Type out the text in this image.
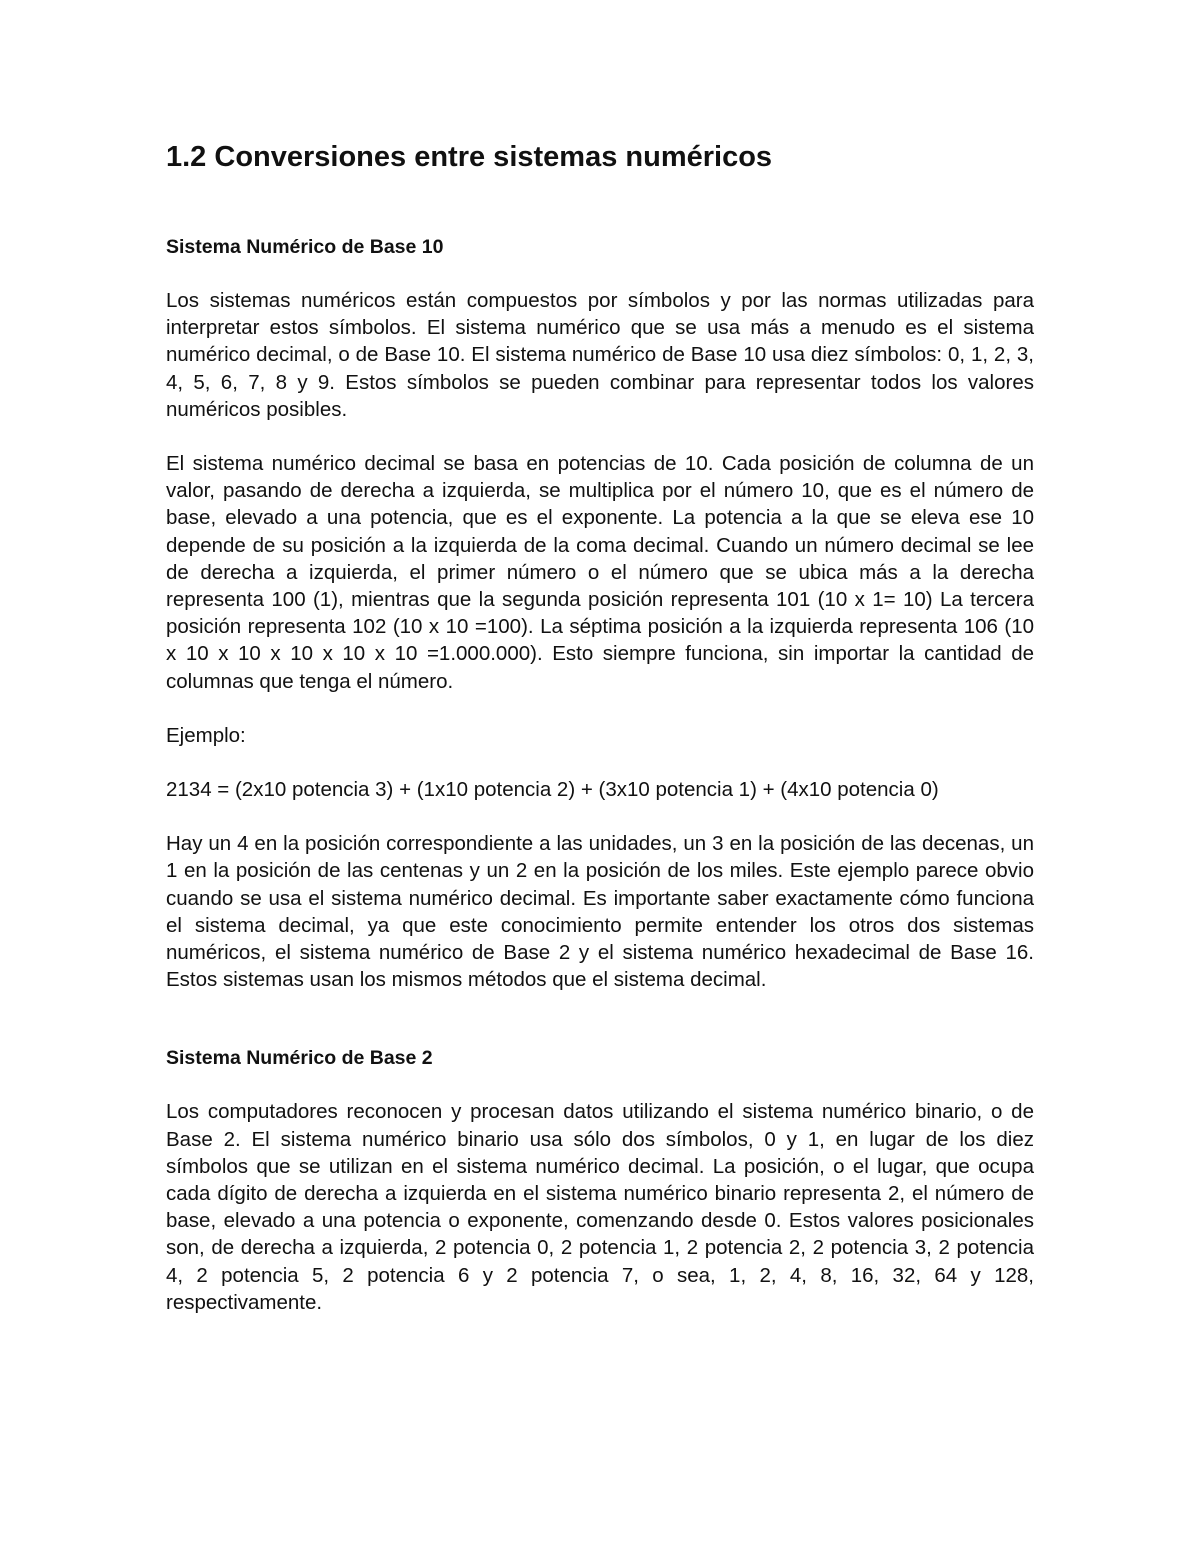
1.2 Conversiones entre sistemas numéricos
Sistema Numérico de Base 10

Los sistemas numéricos están compuestos por símbolos y por las normas utilizadas para interpretar estos símbolos. El sistema numérico que se usa más a menudo es el sistema numérico decimal, o de Base 10. El sistema numérico de Base 10 usa diez símbolos: 0, 1, 2, 3, 4, 5, 6, 7, 8 y 9. Estos símbolos se pueden combinar para representar todos los valores numéricos posibles.

El sistema numérico decimal se basa en potencias de 10. Cada posición de columna de un valor, pasando de derecha a izquierda, se multiplica por el número 10, que es el número de base, elevado a una potencia, que es el exponente. La potencia a la que se eleva ese 10 depende de su posición a la izquierda de la coma decimal. Cuando un número decimal se lee de derecha a izquierda, el primer número o el número que se ubica más a la derecha representa 100 (1), mientras que la segunda posición representa 101 (10 x 1= 10) La tercera posición representa 102 (10 x 10 =100). La séptima posición a la izquierda representa 106 (10 x 10 x 10 x 10 x 10 x 10 =1.000.000). Esto siempre funciona, sin importar la cantidad de columnas que tenga el número.

Ejemplo:

2134 = (2x10 potencia 3) + (1x10 potencia 2) + (3x10 potencia 1) + (4x10 potencia 0)

Hay un 4 en la posición correspondiente a las unidades, un 3 en la posición de las decenas, un 1 en la posición de las centenas y un 2 en la posición de los miles. Este ejemplo parece obvio cuando se usa el sistema numérico decimal. Es importante saber exactamente cómo funciona el sistema decimal, ya que este conocimiento permite entender los otros dos sistemas numéricos, el sistema numérico de Base 2 y el sistema numérico hexadecimal de Base 16. Estos sistemas usan los mismos métodos que el sistema decimal.

Sistema Numérico de Base 2

Los computadores reconocen y procesan datos utilizando el sistema numérico binario, o de Base 2. El sistema numérico binario usa sólo dos símbolos, 0 y 1, en lugar de los diez símbolos que se utilizan en el sistema numérico decimal. La posición, o el lugar, que ocupa cada dígito de derecha a izquierda en el sistema numérico binario representa 2, el número de base, elevado a una potencia o exponente, comenzando desde 0. Estos valores posicionales son, de derecha a izquierda, 2 potencia 0, 2 potencia 1, 2 potencia 2, 2 potencia 3, 2 potencia 4, 2 potencia 5, 2 potencia 6 y 2 potencia 7, o sea, 1, 2, 4, 8, 16, 32, 64 y 128, respectivamente.
